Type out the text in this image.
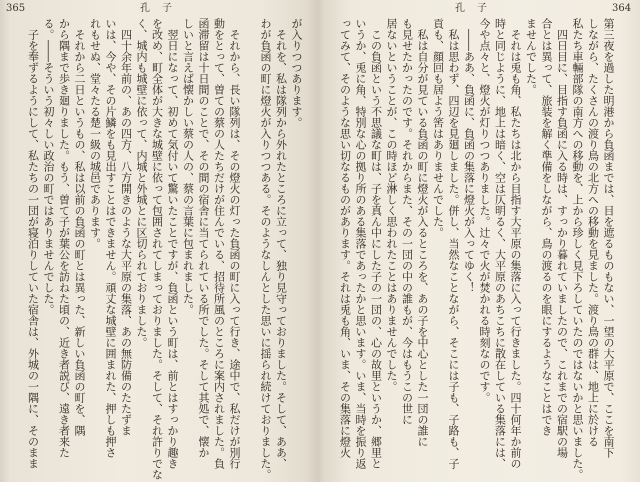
365	孔　子
が入りつつあります。
　それを、私は隊列から外れたところに立って、独り見守っておりました。そして、ああ、
わが負函の町に燈火が入りつつある。そのようなしんとした思いに揺られ続けておりました。
　それから、長い隊列は、その燈火の灯った負函の町に入って行き、途中で、私だけが別行
動をとって、曽ての蔡の人たちだけが住んでいる、招待所風のところに案内されました。負
函滞留は十日間のことで、その間の宿舎に当てられている所でした。そして其処で、懐か
しいと言えば懐かしい蔡の人の、蔡の言葉に包まれました。
　翌日になって、初めて気付いて驚いたことですが、負函という町は、前とはすっかり趣き
を改め、町全体が大きな城壁に依って包囲されてしまっておりました。そして、それ許りでな
く、城内も城壁に依って、内城と外城とに区切られておりました。
　四十余年前の、あの四方、八方開きのような大平原の集落、あの無防備のたたずま
いは、今や、その片鱗をも見出すことはできません。頑丈な城壁に囲まれた、押しも押さ
れもせぬ、堂々たる楚一級の城邑であります。
　それから二日というもの、私は以前の負函の町とは異った、新しい負函の町を、隅
から隅まで歩き廻りました。もう、曽て子が葉公を訪ねた頃の、近き者説び、遠き者来た
る。――そういう初々しい政治の町ではありませんでした。
　子を奉ずるようにして、私たちの一団が寝泊りしていた宿舎は、外城の一隅に、そのまま
孔　子	364
第三夜を過した明港から負函までは、目を遮るものもない、一望の大平原で、ここを南下
しながら、たくさんの渡り鳥の北方への移動を見ました。渡り鳥の群は、地上に於ける
私たち車輛部隊の南方への移動を、上から珍しく見下ろしていたのではないかと思いました。
　四日目に、目指す負函に入る時は、すっかり暮れていましたので、これまでの宿駅の場
合とは異って、旅装を解く準備をしながら、鳥の渡るのを眼にするようなことはでき
ませんでした。
　それは兎も角、私たちは北から目指す大平原の集落に入って行きました。四十何年か前の
時と同じように、地上は暗く、空は仄明るく、大平原のあちこちに散在している集落には、
今や点々と、燈火が灯りつつありました。辻々で火が焚かれる時刻なのです。
　――ああ、負函に、負函の集落に燈火が入ってゆく！
　私は思わず、四辺を見廻しました。併し、当然なことながら、そこには子も、子路も、子
貢も、顔回も居よう筈はありませんでした。
　私は自分が見ている負函の町に燈火が入るところを、あの子を中心とした一団の誰に
も見せたかったのです。それからまた、その一団の中の誰もが、今はもうこの世に
居ないということが、この時ほど淋しく思われたことはありませんでした。
　この負函という不思議な町は、子を真ん中にした子の一団の、心の故里というか、郷里と
いうか、兎に角、特別な心の拠り所のある集落であったかと思います。いま、当時を振り返
ってみて、そのような思い切なるものがあります。それは兎も角、いま、その集落に燈火
